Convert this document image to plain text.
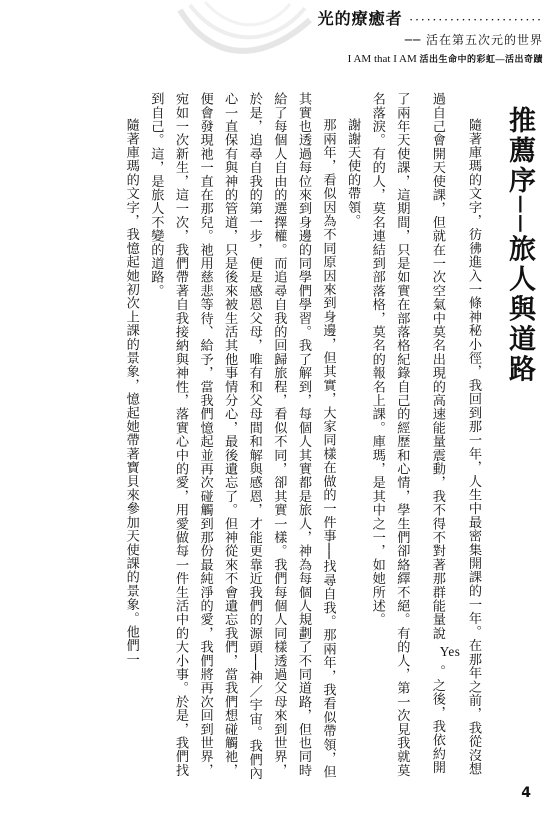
光的療癒者 ·······················

── 活在第五次元的世界

I AM that I AM 活出生命中的彩虹—活出奇蹟

推薦序──旅人與道路

隨著庫瑪的文字，彷彿進入一條神秘小徑，我回到那一年，人生中最密集開課的一年。在那年之前，我從沒想過自己會開天使課，但就在一次空氣中莫名出現的高速能量震動，我不得不對著那群能量說Yes。之後，我依約開了兩年天使課，這期間，只是如實在部落格紀錄自己的經歷和心情，學生們卻絡繹不絕。有的人，第一次見我就莫名落淚。有的人，莫名連結到部落格，莫名的報名上課。庫瑪，是其中之一，如她所述。

謝謝天使的帶領。

那兩年，看似因為不同原因來到身邊，但其實，大家同樣在做的一件事──找尋自我。那兩年，我看似帶領，但其實也透過每位來到身邊的同學們學習。我了解到，每個人其實都是旅人，神為每個人規劃了不同道路，但也同時給了每個人自由的選擇權。而追尋自我的回歸旅程，看似不同，卻其實一樣。我們每個人同樣透過父母來到世界，於是，追尋自我的第一步，便是感恩父母，唯有和父母間和解與感恩，才能更靠近我們的源頭──神／宇宙。我們內心一直保有與神的管道，只是後來被生活其他事情分心，最後遺忘了。但神從來不會遺忘我們，當我們想碰觸祂，便會發現祂一直在那兒。祂用慈悲等待、給予，當我們憶起並再次碰觸到那份最純淨的愛，我們將再次回到世界，宛如一次新生，這一次，我們帶著自我接納與神性，落實心中的愛，用愛做每一件生活中的大小事。於是，我們找到自己。這，是旅人不變的道路。

隨著庫瑪的文字，我憶起她初次上課的景象，憶起她帶著寶貝來參加天使課的景象。他們一

4
